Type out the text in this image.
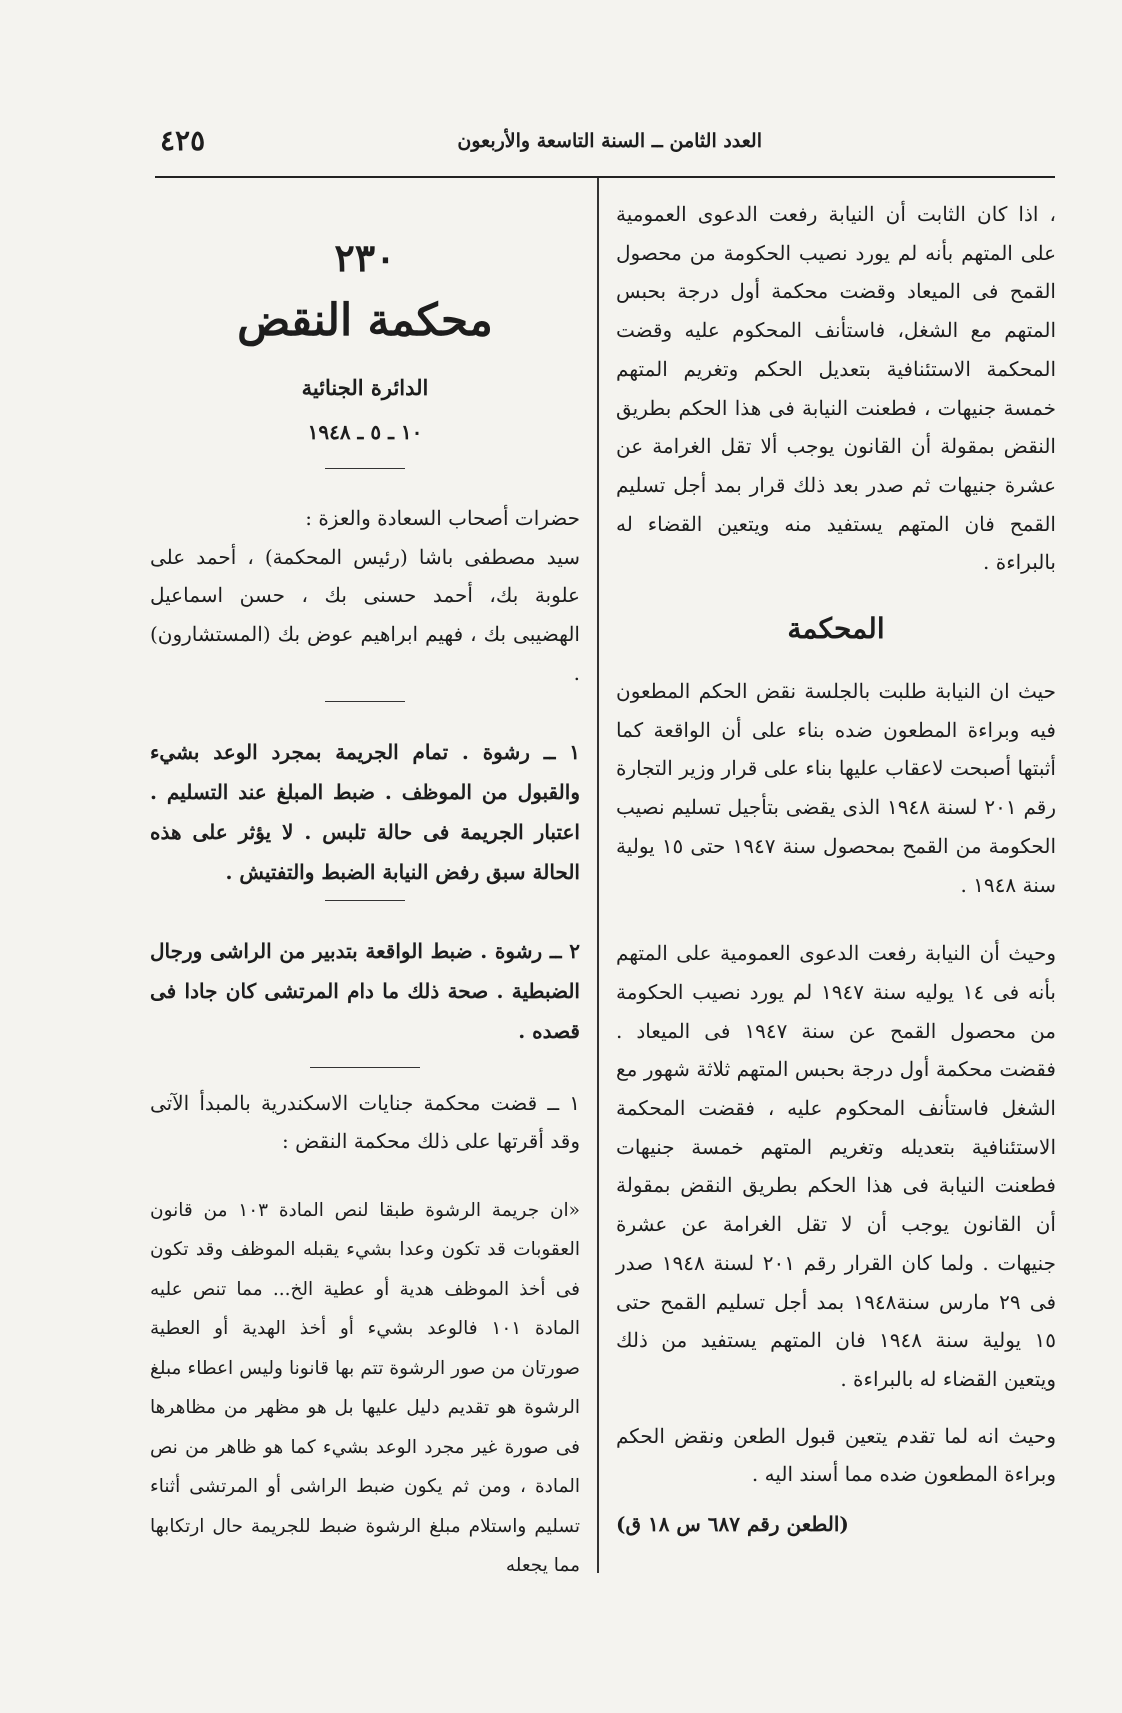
العدد الثامن ــ السنة التاسعة والأربعون
٤٢٥

، اذا كان الثابت أن النيابة رفعت الدعوى العمومية على المتهم بأنه لم يورد نصيب الحكومة من محصول القمح فى الميعاد وقضت محكمة أول درجة بحبس المتهم مع الشغل، فاستأنف المحكوم عليه وقضت المحكمة الاستئنافية بتعديل الحكم وتغريم المتهم خمسة جنيهات ، فطعنت النيابة فى هذا الحكم بطريق النقض بمقولة أن القانون يوجب ألا تقل الغرامة عن عشرة جنيهات ثم صدر بعد ذلك قرار بمد أجل تسليم القمح فان المتهم يستفيد منه ويتعين القضاء له بالبراءة .

المحكمة

حيث ان النيابة طلبت بالجلسة نقض الحكم المطعون فيه وبراءة المطعون ضده بناء على أن الواقعة كما أثبتها أصبحت لاعقاب عليها بناء على قرار وزير التجارة رقم ٢٠١ لسنة ١٩٤٨ الذى يقضى بتأجيل تسليم نصيب الحكومة من القمح بمحصول سنة ١٩٤٧ حتى ١٥ يولية سنة ١٩٤٨ .

وحيث أن النيابة رفعت الدعوى العمومية على المتهم بأنه فى ١٤ يوليه سنة ١٩٤٧ لم يورد نصيب الحكومة من محصول القمح عن سنة ١٩٤٧ فى الميعاد . فقضت محكمة أول درجة بحبس المتهم ثلاثة شهور مع الشغل فاستأنف المحكوم عليه ، فقضت المحكمة الاستئنافية بتعديله وتغريم المتهم خمسة جنيهات فطعنت النيابة فى هذا الحكم بطريق النقض بمقولة أن القانون يوجب أن لا تقل الغرامة عن عشرة جنيهات . ولما كان القرار رقم ٢٠١ لسنة ١٩٤٨ صدر فى ٢٩ مارس سنة١٩٤٨ بمد أجل تسليم القمح حتى ١٥ يولية سنة ١٩٤٨ فان المتهم يستفيد من ذلك ويتعين القضاء له بالبراءة .

وحيث انه لما تقدم يتعين قبول الطعن ونقض الحكم وبراءة المطعون ضده مما أسند اليه .

(الطعن رقم ٦٨٧ س ١٨ ق)

٢٣٠

محكمة النقض

الدائرة الجنائية

١٠ ـ ٥ ـ ١٩٤٨

حضرات أصحاب السعادة والعزة :

سيد مصطفى باشا (رئيس المحكمة) ، أحمد على علوبة بك، أحمد حسنى بك ، حسن اسماعيل الهضيبى بك ، فهيم ابراهيم عوض بك (المستشارون) .

١ ــ رشوة . تمام الجريمة بمجرد الوعد بشيء والقبول من الموظف . ضبط المبلغ عند التسليم . اعتبار الجريمة فى حالة تلبس . لا يؤثر على هذه الحالة سبق رفض النيابة الضبط والتفتيش .

٢ ــ رشوة . ضبط الواقعة بتدبير من الراشى ورجال الضبطية . صحة ذلك ما دام المرتشى كان جادا فى قصده .

١ ــ قضت محكمة جنايات الاسكندرية بالمبدأ الآتى وقد أقرتها على ذلك محكمة النقض :

«ان جريمة الرشوة طبقا لنص المادة ١٠٣ من قانون العقوبات قد تكون وعدا بشيء يقبله الموظف وقد تكون فى أخذ الموظف هدية أو عطية الخ... مما تنص عليه المادة ١٠١ فالوعد بشيء أو أخذ الهدية أو العطية صورتان من صور الرشوة تتم بها قانونا وليس اعطاء مبلغ الرشوة هو تقديم دليل عليها بل هو مظهر من مظاهرها فى صورة غير مجرد الوعد بشيء كما هو ظاهر من نص المادة ، ومن ثم يكون ضبط الراشى أو المرتشى أثناء تسليم واستلام مبلغ الرشوة ضبط للجريمة حال ارتكابها مما يجعله
